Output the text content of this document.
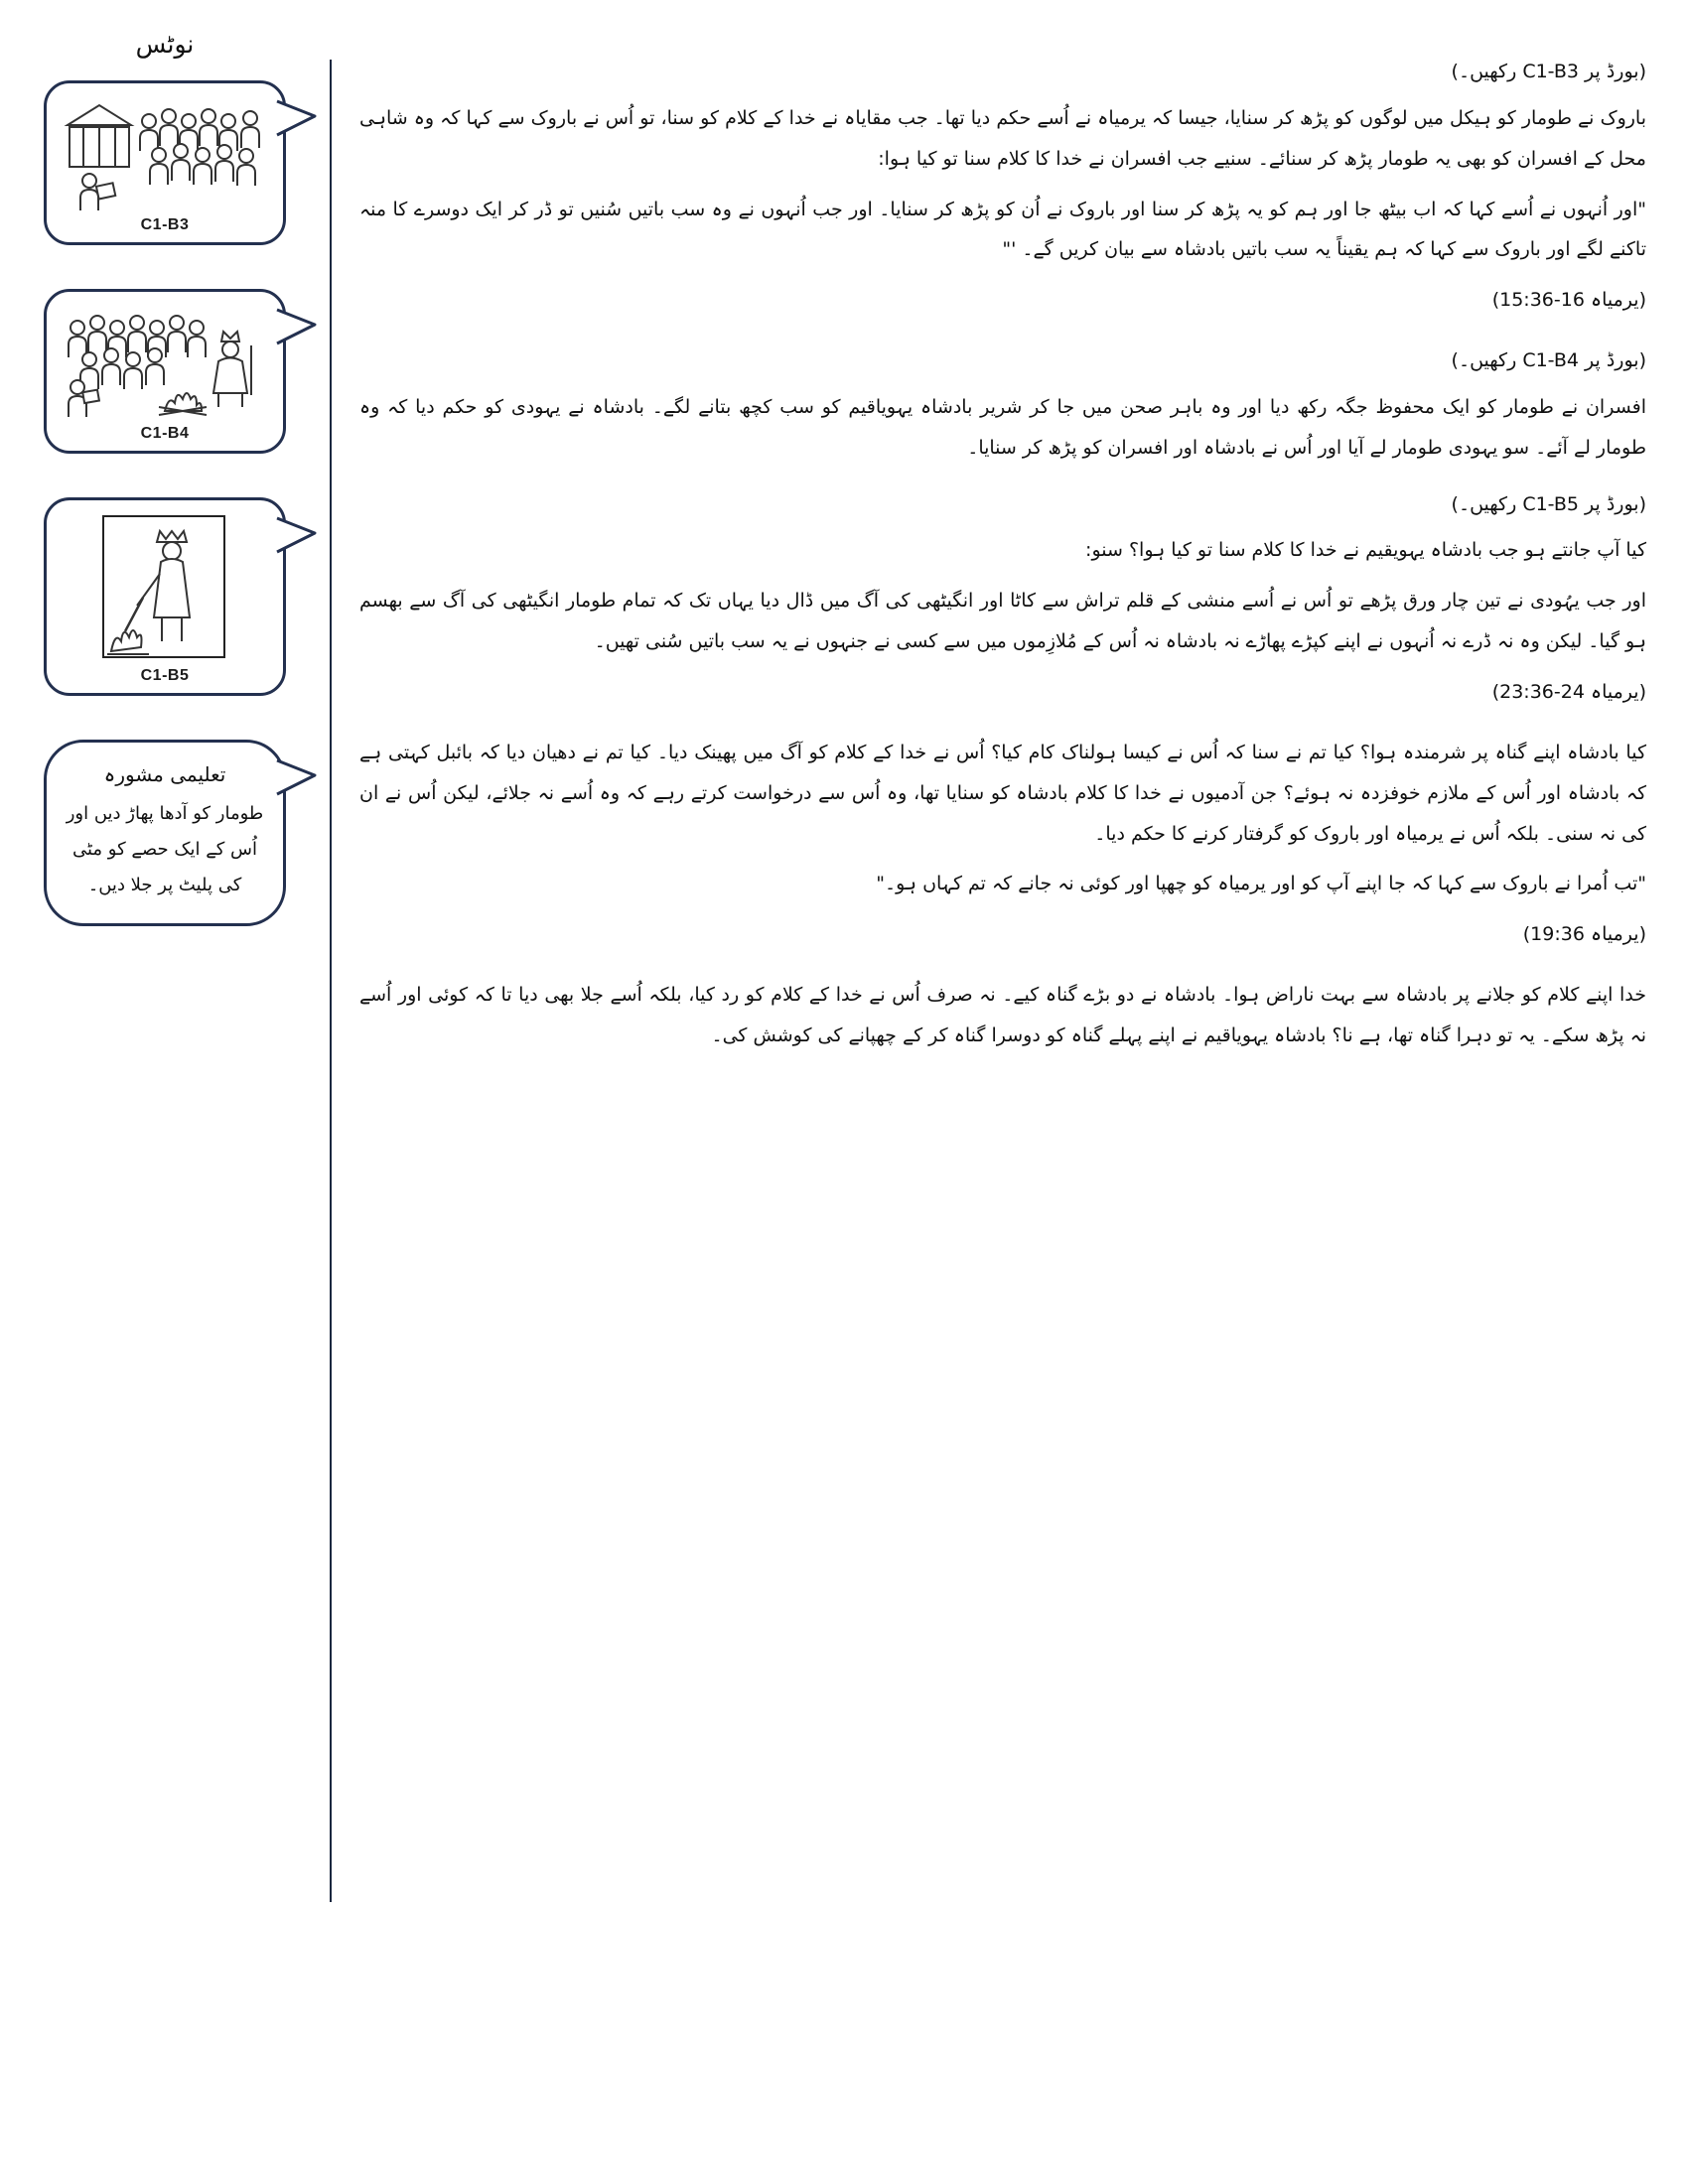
نوٹس
C1-B3
C1-B4
C1-B5
تعلیمی مشورہ
طومار کو آدھا پھاڑ دیں اور اُس کے ایک حصے کو مٹی کی پلیٹ پر جلا دیں۔

(بورڈ پر C1-B3 رکھیں۔)

باروک نے طومار کو ہیکل میں لوگوں کو پڑھ کر سنایا، جیسا کہ یرمیاہ نے اُسے حکم دیا تھا۔ جب مقایاہ نے خدا کے کلام کو سنا، تو اُس نے باروک سے کہا کہ وہ شاہی محل کے افسران کو بھی یہ طومار پڑھ کر سنائے۔ سنیے جب افسران نے خدا کا کلام سنا تو کیا ہوا:

"اور اُنہوں نے اُسے کہا کہ اب بیٹھ جا اور ہم کو یہ پڑھ کر سنا اور باروک نے اُن کو پڑھ کر سنایا۔ اور جب اُنہوں نے وہ سب باتیں سُنیں تو ڈر کر ایک دوسرے کا منہ تاکنے لگے اور باروک سے کہا کہ ہم یقیناً یہ سب باتیں بادشاہ سے بیان کریں گے۔ '"

(یرمیاہ 16-15:36)

(بورڈ پر C1-B4 رکھیں۔)

افسران نے طومار کو ایک محفوظ جگہ رکھ دیا اور وہ باہر صحن میں جا کر شریر بادشاہ یہویاقیم کو سب کچھ بتانے لگے۔ بادشاہ نے یہودی کو حکم دیا کہ وہ طومار لے آئے۔ سو یہودی طومار لے آیا اور اُس نے بادشاہ اور افسران کو پڑھ کر سنایا۔

(بورڈ پر C1-B5 رکھیں۔)

کیا آپ جانتے ہو جب بادشاہ یہویقیم نے خدا کا کلام سنا تو کیا ہوا؟ سنو:

اور جب یہُودی نے تین چار ورق پڑھے تو اُس نے اُسے منشی کے قلم تراش سے کاٹا اور انگیٹھی کی آگ میں ڈال دیا یہاں تک کہ تمام طومار انگیٹھی کی آگ سے بھسم ہو گیا۔ لیکن وہ نہ ڈرے نہ اُنہوں نے اپنے کپڑے پھاڑے نہ بادشاہ نہ اُس کے مُلازِموں میں سے کسی نے جنہوں نے یہ سب باتیں سُنی تھیں۔

(یرمیاہ 24-23:36)

کیا بادشاہ اپنے گناہ پر شرمندہ ہوا؟ کیا تم نے سنا کہ اُس نے کیسا ہولناک کام کیا؟ اُس نے خدا کے کلام کو آگ میں پھینک دیا۔ کیا تم نے دھیان دیا کہ بائبل کہتی ہے کہ بادشاہ اور اُس کے ملازم خوفزدہ نہ ہوئے؟ جن آدمیوں نے خدا کا کلام بادشاہ کو سنایا تھا، وہ اُس سے درخواست کرتے رہے کہ وہ اُسے نہ جلائے، لیکن اُس نے ان کی نہ سنی۔ بلکہ اُس نے یرمیاہ اور باروک کو گرفتار کرنے کا حکم دیا۔

"تب اُمرا نے باروک سے کہا کہ جا اپنے آپ کو اور یرمیاہ کو چھپا اور کوئی نہ جانے کہ تم کہاں ہو۔"

(یرمیاہ 19:36)

خدا اپنے کلام کو جلانے پر بادشاہ سے بہت ناراض ہوا۔ بادشاہ نے دو بڑے گناہ کیے۔ نہ صرف اُس نے خدا کے کلام کو رد کیا، بلکہ اُسے جلا بھی دیا تا کہ کوئی اور اُسے نہ پڑھ سکے۔ یہ تو دہرا گناہ تھا، ہے نا؟ بادشاہ یہویاقیم نے اپنے پہلے گناہ کو دوسرا گناہ کر کے چھپانے کی کوشش کی۔
